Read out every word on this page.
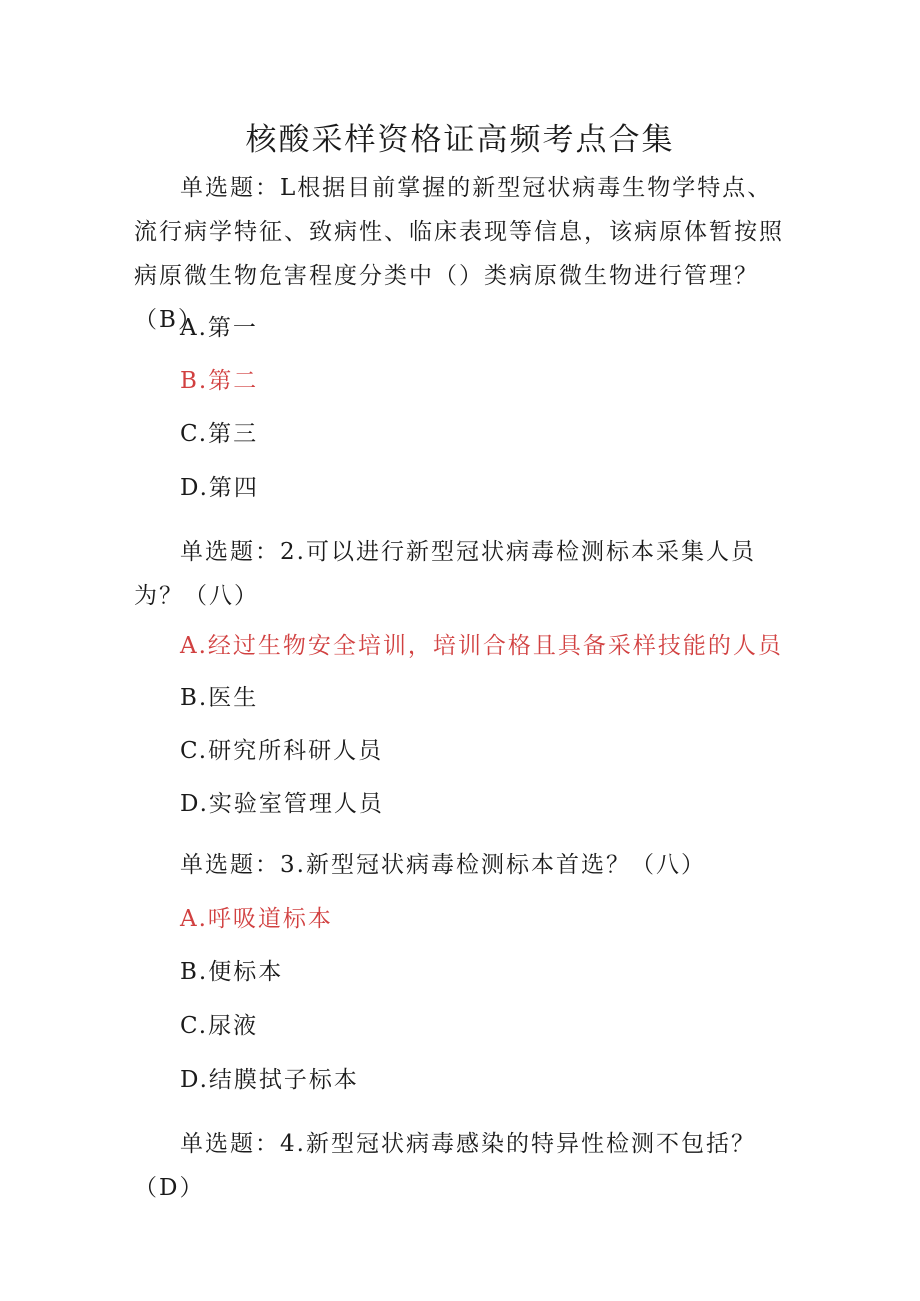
核酸采样资格证高频考点合集
单选题：L根据目前掌握的新型冠状病毒生物学特点、流行病学特征、致病性、临床表现等信息，该病原体暂按照病原微生物危害程度分类中（）类病原微生物进行管理？（B）
A.第一
B.第二
C.第三
D.第四
单选题：2.可以进行新型冠状病毒检测标本采集人员为？（八）
A.经过生物安全培训，培训合格且具备采样技能的人员
B.医生
C.研究所科研人员
D.实验室管理人员
单选题：3.新型冠状病毒检测标本首选？（八）
A.呼吸道标本
B.便标本
C.尿液
D.结膜拭子标本
单选题：4.新型冠状病毒感染的特异性检测不包括？（D）
